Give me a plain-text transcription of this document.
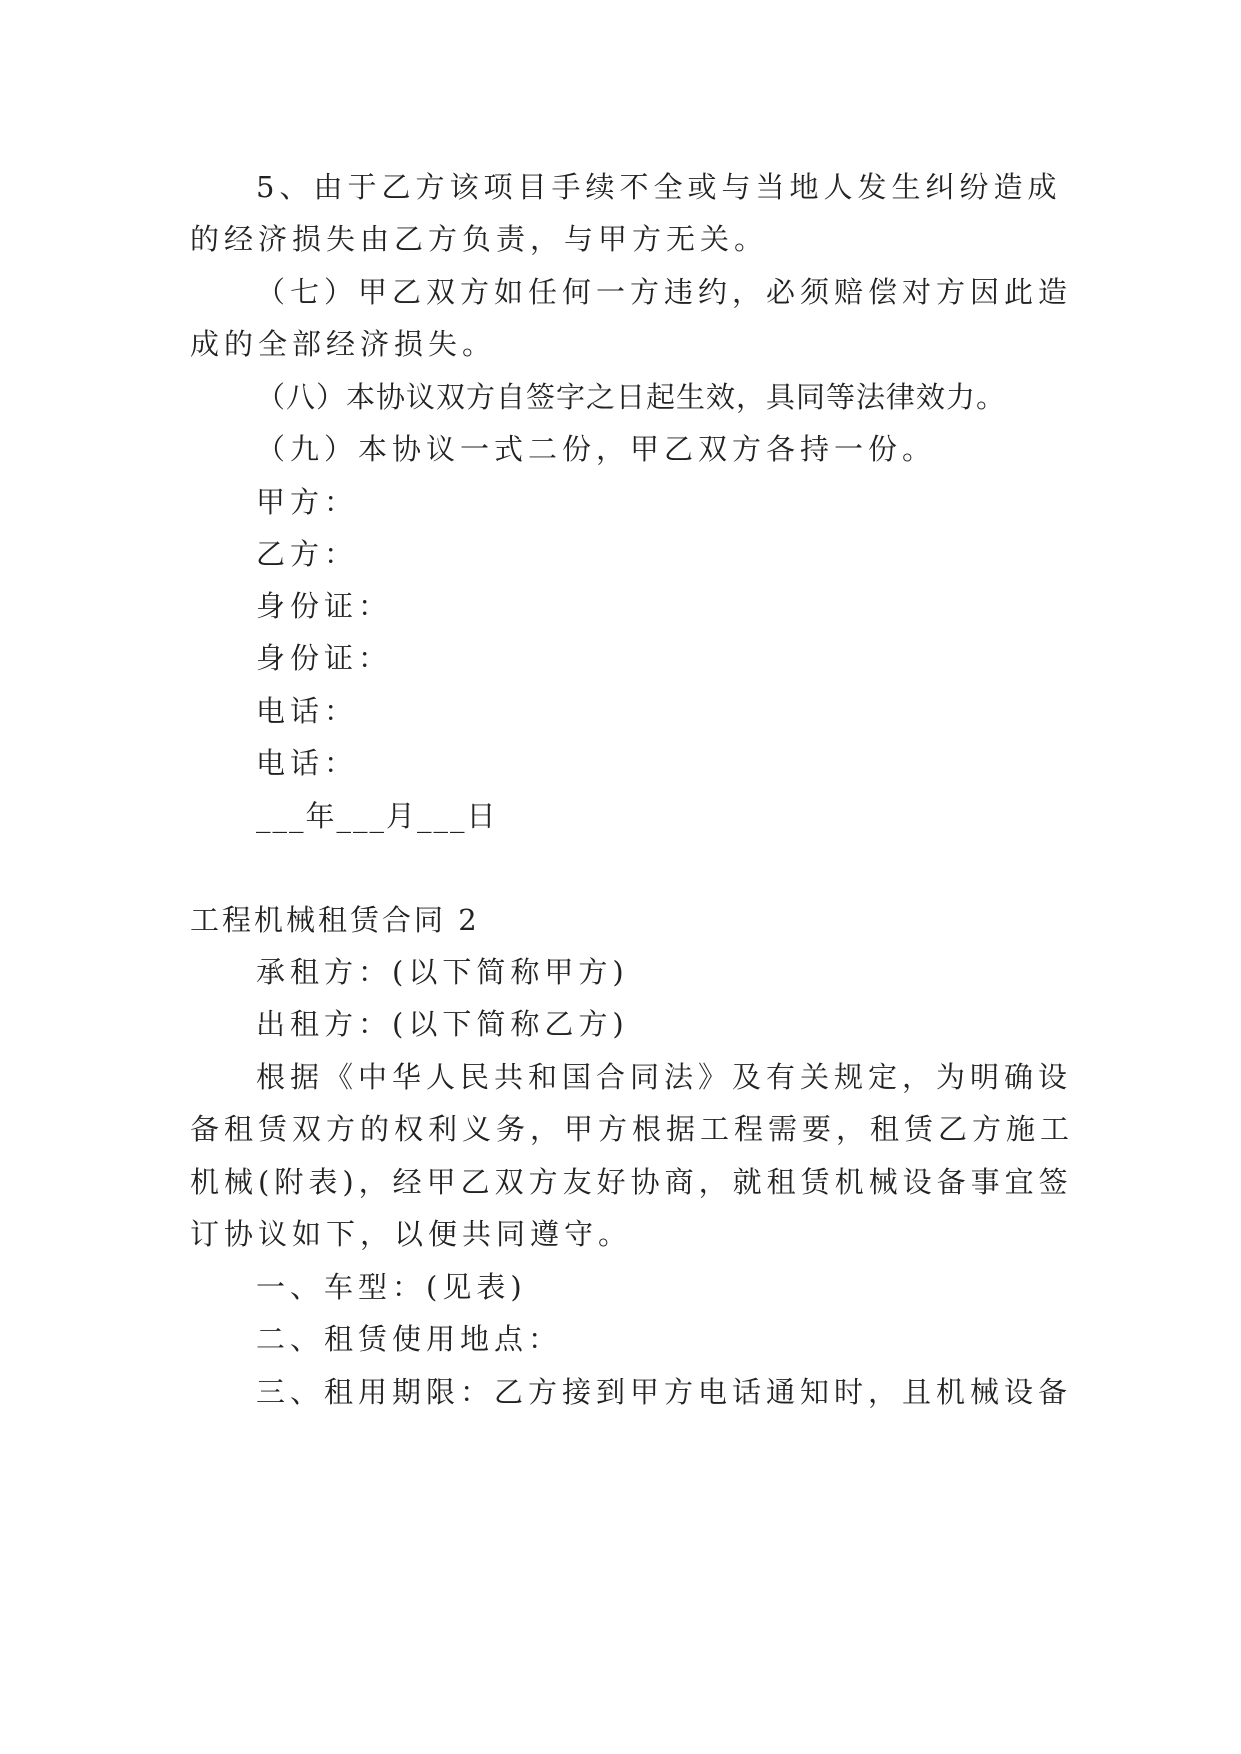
5、由于乙方该项目手续不全或与当地人发生纠纷造成
的经济损失由乙方负责，与甲方无关。
（七）甲乙双方如任何一方违约，必须赔偿对方因此造
成的全部经济损失。
（八）本协议双方自签字之日起生效，具同等法律效力。
（九）本协议一式二份，甲乙双方各持一份。
甲方：
乙方：
身份证：
身份证：
电话：
电话：
___年___月___日
工程机械租赁合同 2
承租方：(以下简称甲方)
出租方：(以下简称乙方)
根据《中华人民共和国合同法》及有关规定，为明确设
备租赁双方的权利义务，甲方根据工程需要，租赁乙方施工
机械(附表)，经甲乙双方友好协商，就租赁机械设备事宜签
订协议如下，以便共同遵守。
一、车型：(见表)
二、租赁使用地点：
三、租用期限：乙方接到甲方电话通知时，且机械设备
